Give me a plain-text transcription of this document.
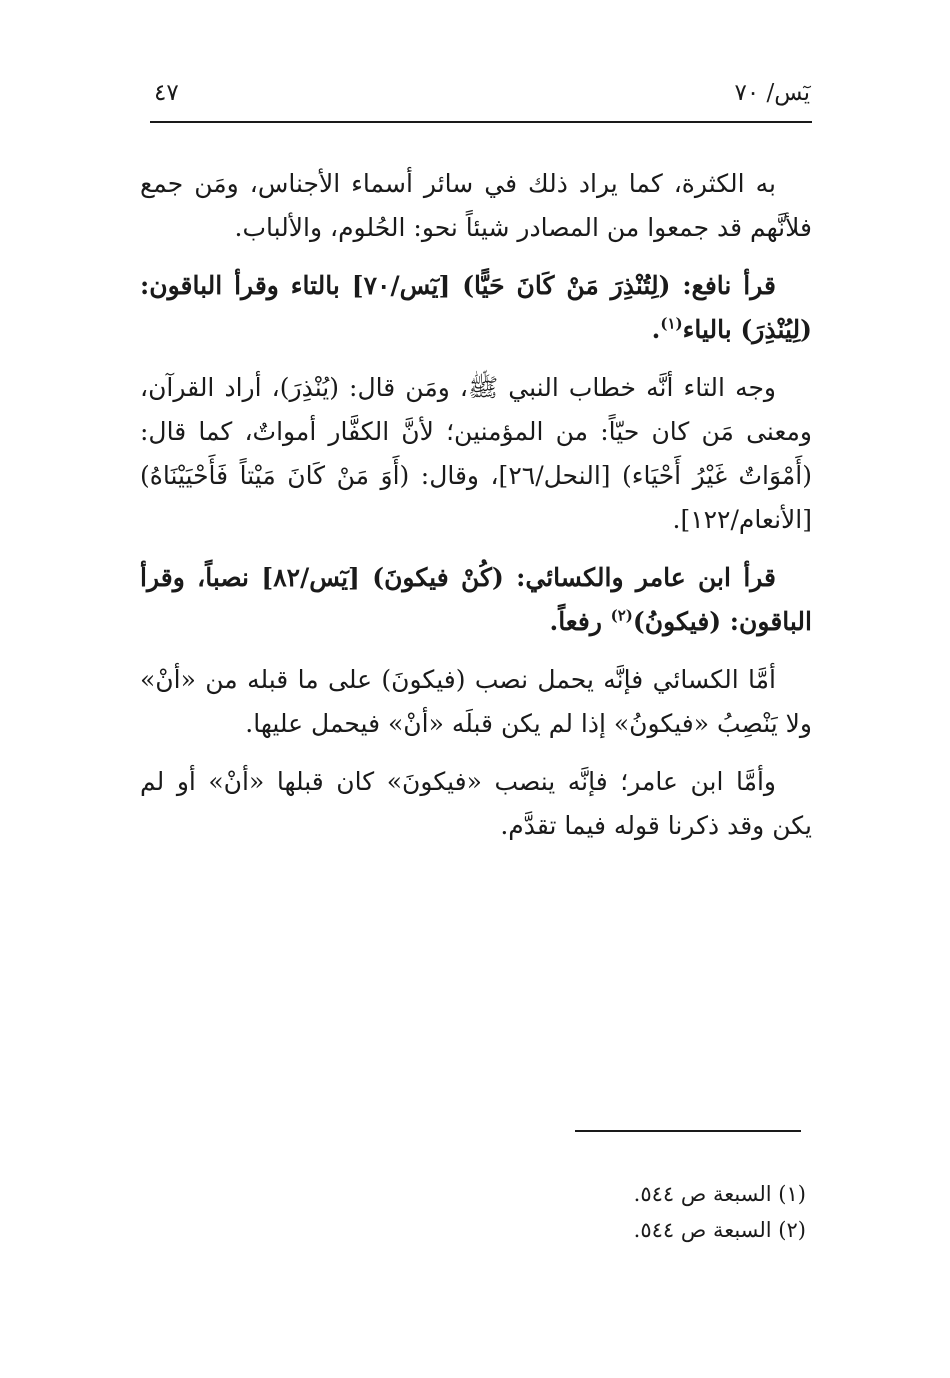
٤٧	يٓس/ ٧٠

به الكثرة، كما يراد ذلك في سائر أسماء الأجناس، ومَن جمع فلأنَّهم قد جمعوا من المصادر شيئاً نحو: الحُلوم، والألباب.

قرأ نافع: (لِتُنْذِرَ مَنْ كَانَ حَيًّا) [يٓس/٧٠] بالتاء وقرأ الباقون: (لِيُنْذِرَ) بالياء$^{(١)}$.

وجه التاء أنَّه خطاب النبي ﷺ، ومَن قال: (يُنْذِرَ)، أراد القرآن، ومعنى مَن كان حيّاً: من المؤمنين؛ لأنَّ الكفَّار أمواتٌ، كما قال: (أَمْوَاتٌ غَيْرُ أَحْيَاء) [النحل/٢٦]، وقال: (أَوَ مَنْ كَانَ مَيْتاً فَأَحْيَيْنَاهُ) [الأنعام/١٢٢].

قرأ ابن عامر والكسائي: (كُنْ فيكونَ) [يٓس/٨٢] نصباً، وقرأ الباقون: (فيكونُ)$^{(٢)}$ رفعاً.

أمَّا الكسائي فإنَّه يحمل نصب (فيكونَ) على ما قبله من «أنْ» ولا يَنْصِبُ «فيكونُ» إذا لم يكن قبلَه «أنْ» فيحمل عليها.

وأمَّا ابن عامر؛ فإنَّه ينصب «فيكونَ» كان قبلها «أنْ» أو لم يكن وقد ذكرنا قوله فيما تقدَّم.

(١) السبعة ص ٥٤٤.

(٢) السبعة ص ٥٤٤.
